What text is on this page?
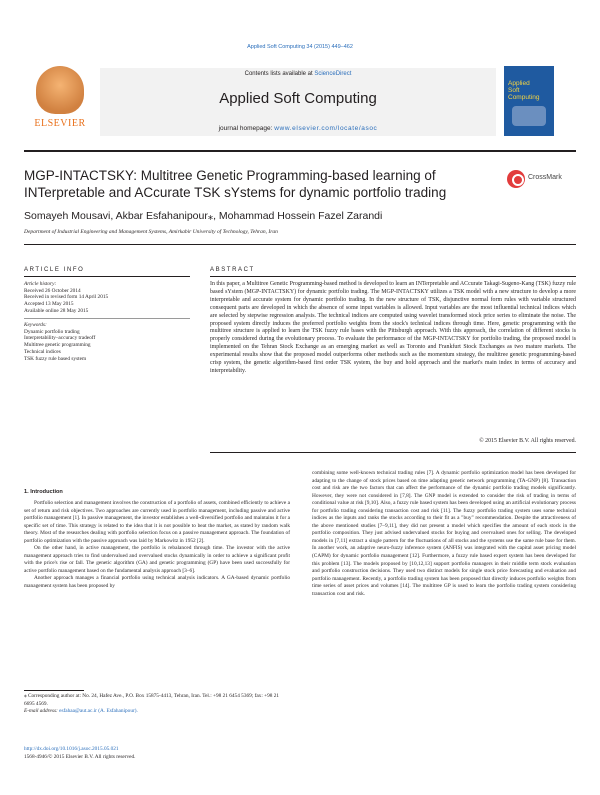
Applied Soft Computing 34 (2015) 449–462
ELSEVIER
Contents lists available at ScienceDirect
Applied Soft Computing
journal homepage: www.elsevier.com/locate/asoc
Applied
Soft
Computing
MGP-INTACTSKY: Multitree Genetic Programming-based learning of INTerpretable and ACcurate TSK sYstems for dynamic portfolio trading
CrossMark
Somayeh Mousavi, Akbar Esfahanipour⁎, Mohammad Hossein Fazel Zarandi
Department of Industrial Engineering and Management Systems, Amirkabir University of Technology, Tehran, Iran
ARTICLE INFO
Article history:
Received 26 October 2014
Received in revised form 14 April 2015
Accepted 13 May 2015
Available online 28 May 2015
Keywords:
Dynamic portfolio trading
Interpretability–accuracy tradeoff
Multitree genetic programming
Technical indices
TSK fuzzy rule based system
ABSTRACT
In this paper, a Multitree Genetic Programming-based method is developed to learn an INTerpretable and ACcurate Takagi-Sugeno-Kang (TSK) fuzzy rule based sYstem (MGP-INTACTSKY) for dynamic portfolio trading. The MGP-INTACTSKY utilizes a TSK model with a new structure to develop a more interpretable and accurate system for dynamic portfolio trading. In the new structure of TSK, disjunctive normal form rules with variable structured consequent parts are developed in which the absence of some input variables is allowed. Input variables are the most influential technical indices which are selected by stepwise regression analysis. The technical indices are computed using wavelet transformed stock price series to eliminate the noise. The proposed system directly induces the preferred portfolio weights from the stock's technical indices through time. Here, genetic programming with the multitree structure is applied to learn the TSK fuzzy rule bases with the Pittsburgh approach. With this approach, the correlation of different stocks is properly considered during the evolutionary process. To evaluate the performance of the MGP-INTACTSKY for portfolio trading, the proposed model is implemented on the Tehran Stock Exchange as an emerging market as well as Toronto and Frankfurt Stock Exchanges as two mature markets. The experimental results show that the proposed model outperforms other methods such as the momentum strategy, the multitree genetic programming-based crisp system, the genetic algorithm-based first order TSK system, the buy and hold approach and the market's main index in terms of accuracy and interpretability.
© 2015 Elsevier B.V. All rights reserved.
1. Introduction

Portfolio selection and management involves the construction of a portfolio of assets, combined efficiently to achieve a set of return and risk objectives. Two approaches are currently used in portfolio management, including passive and active portfolio management [1]. In passive management, the investor establishes a well-diversified portfolio and maintains it for a specific set of time. This strategy is related to the idea that it is not possible to beat the market, as stated by random walk theory. Most of the researches dealing with portfolio selection focus on a passive management approach. The foundation of portfolio optimization with the passive approach was laid by Markowitz in 1952 [2].

On the other hand, in active management, the portfolio is rebalanced through time. The investor with the active management approach tries to find undervalued and overvalued stocks dynamically in order to achieve a significant profit with the price's rise or fall. The genetic algorithm (GA) and genetic programming (GP) have been used successfully for active portfolio management based on the fundamental analysis approach [3–6].

Another approach manages a financial portfolio using technical analysis indicators. A GA-based dynamic portfolio management system has been proposed by

combining some well-known technical trading rules [7]. A dynamic portfolio optimization model has been developed for adapting to the change of stock prices based on time adapting genetic network programming (TA-GNP) [8]. Transaction cost and risk are the two factors that can affect the performance of the dynamic portfolio trading models significantly. However, they were not considered in [7,8]. The GNP model is extended to consider the risk of trading in terms of conditional value at risk [9,10]. Also, a fuzzy rule based system has been developed using an artificial evolutionary process for portfolio trading considering transaction cost and risk [11]. The fuzzy portfolio trading system uses some technical indices as the inputs and ranks the stocks according to their fit as a "buy" recommendation. Despite the attractiveness of the above mentioned studies [7–9,11], they did not present a model which specifies the amount of each stock in the portfolio composition. They just advised undervalued stocks for buying and overvalued ones for selling. The developed models in [7,11] extract a single pattern for the fluctuations of all stocks and the systems use the same rule base for them. In another work, an adaptive neuro-fuzzy inference system (ANFIS) was integrated with the capital asset pricing model (CAPM) for dynamic portfolio management [12]. Furthermore, a fuzzy rule based expert system has been developed for this problem [13]. The models proposed by [10,12,13] support portfolio managers in their middle term stock evaluation and portfolio construction decisions. They used two distinct models for single stock price forecasting and evaluation and portfolio management. Recently, a portfolio trading system has been proposed that directly induces portfolio weights from time series of asset prices and volumes [14]. The multitree GP is used to learn the portfolio trading system considering transaction cost and risk.

⁎ Corresponding author at: No. 24, Hafez Ave., P.O. Box 15875-4413, Tehran, Iran. Tel.: +98 21 6454 5369; fax: +98 21 6695 4569.
E-mail address: esfahaa@aut.ac.ir (A. Esfahanipour).
http://dx.doi.org/10.1016/j.asoc.2015.05.021
1568-4946/© 2015 Elsevier B.V. All rights reserved.
